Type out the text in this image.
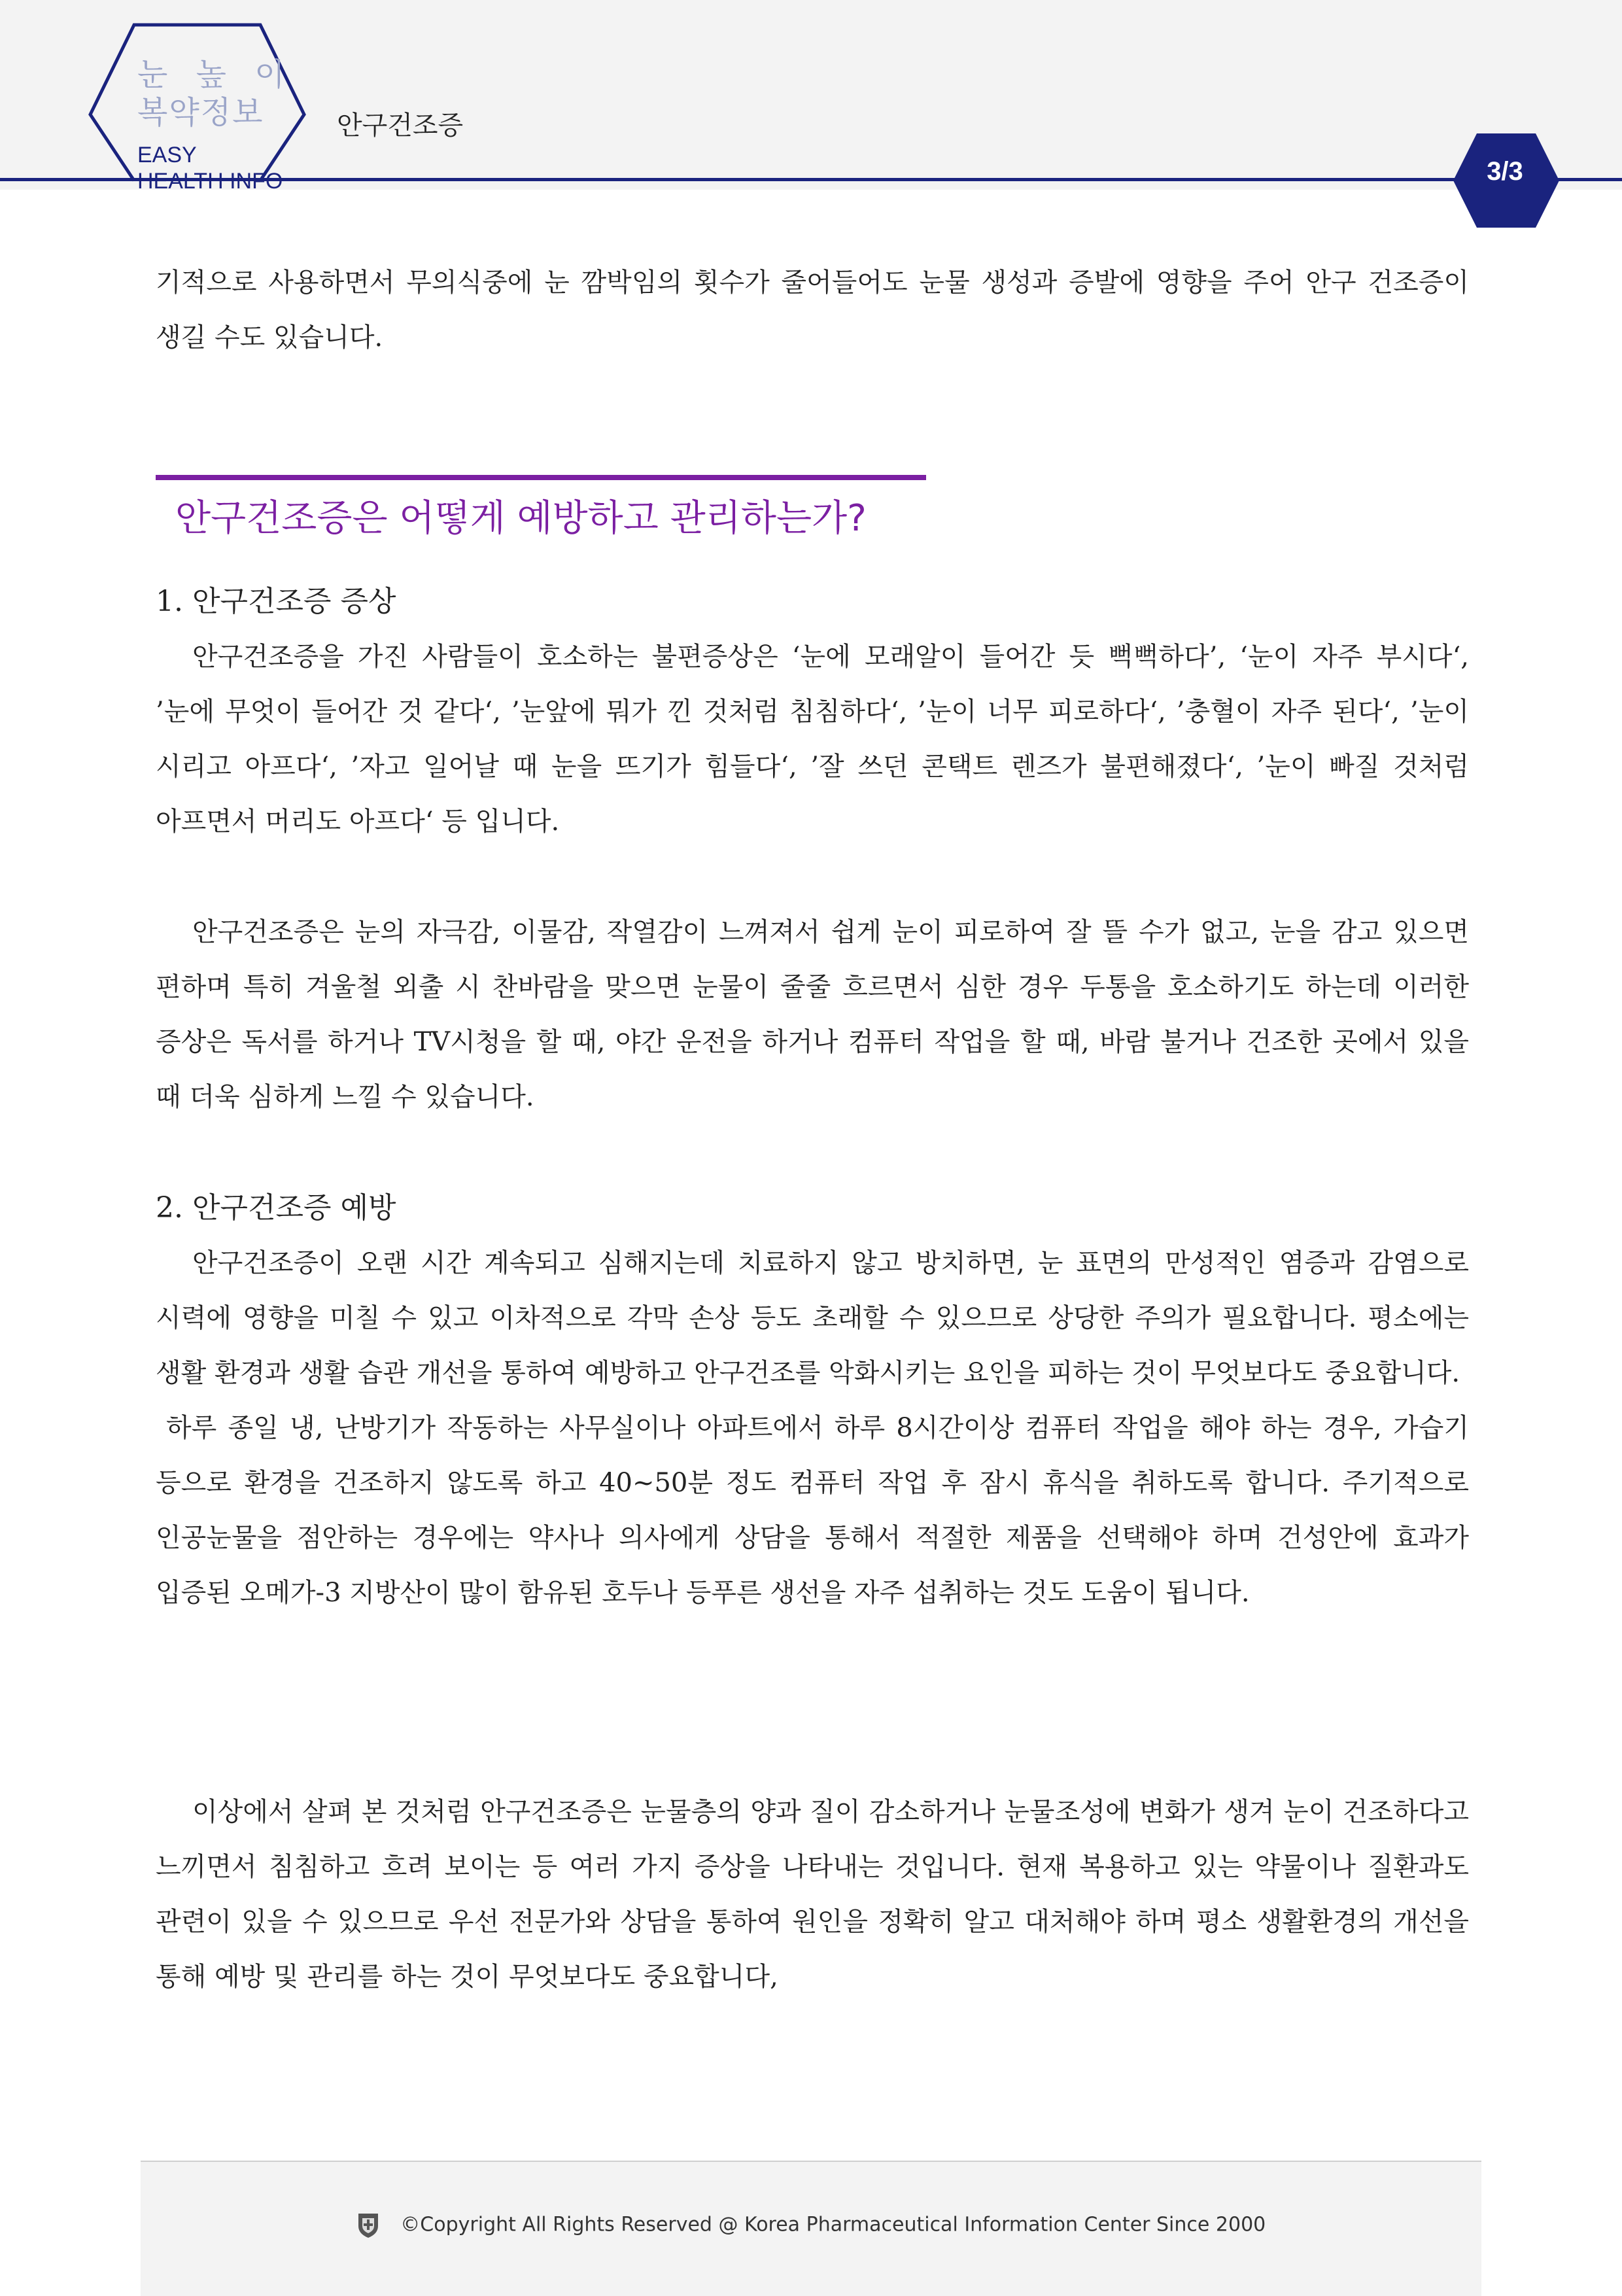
눈 높 이
복약정보
EASY
HEALTH INFO
안구건조증
3/3

기적으로 사용하면서 무의식중에 눈 깜박임의 횟수가 줄어들어도 눈물 생성과 증발에 영향을 주어 안구 건조증이 생길 수도 있습니다.

안구건조증은 어떻게 예방하고 관리하는가?

1. 안구건조증 증상

안구건조증을 가진 사람들이 호소하는 불편증상은 ‘눈에 모래알이 들어간 듯 뻑뻑하다’, ‘눈이 자주 부시다‘, ’눈에 무엇이 들어간 것 같다‘, ’눈앞에 뭐가 낀 것처럼 침침하다‘, ’눈이 너무 피로하다‘, ’충혈이 자주 된다‘, ’눈이 시리고 아프다‘, ’자고 일어날 때 눈을 뜨기가 힘들다‘, ’잘 쓰던 콘택트 렌즈가 불편해졌다‘, ’눈이 빠질 것처럼 아프면서 머리도 아프다‘ 등 입니다.

안구건조증은 눈의 자극감, 이물감, 작열감이 느껴져서 쉽게 눈이 피로하여 잘 뜰 수가 없고, 눈을 감고 있으면 편하며 특히 겨울철 외출 시 찬바람을 맞으면 눈물이 줄줄 흐르면서 심한 경우 두통을 호소하기도 하는데 이러한 증상은 독서를 하거나 TV시청을 할 때, 야간 운전을 하거나 컴퓨터 작업을 할 때, 바람 불거나 건조한 곳에서 있을 때 더욱 심하게 느낄 수 있습니다.

2. 안구건조증 예방

안구건조증이 오랜 시간 계속되고 심해지는데 치료하지 않고 방치하면, 눈 표면의 만성적인 염증과 감염으로 시력에 영향을 미칠 수 있고 이차적으로 각막 손상 등도 초래할 수 있으므로 상당한 주의가 필요합니다. 평소에는 생활 환경과 생활 습관 개선을 통하여 예방하고 안구건조를 악화시키는 요인을 피하는 것이 무엇보다도 중요합니다.

하루 종일 냉, 난방기가 작동하는 사무실이나 아파트에서 하루 8시간이상 컴퓨터 작업을 해야 하는 경우, 가습기 등으로 환경을 건조하지 않도록 하고 40~50분 정도 컴퓨터 작업 후 잠시 휴식을 취하도록 합니다. 주기적으로 인공눈물을 점안하는 경우에는 약사나 의사에게 상담을 통해서 적절한 제품을 선택해야 하며 건성안에 효과가 입증된 오메가-3 지방산이 많이 함유된 호두나 등푸른 생선을 자주 섭취하는 것도 도움이 됩니다.

이상에서 살펴 본 것처럼 안구건조증은 눈물층의 양과 질이 감소하거나 눈물조성에 변화가 생겨 눈이 건조하다고 느끼면서 침침하고 흐려 보이는 등 여러 가지 증상을 나타내는 것입니다. 현재 복용하고 있는 약물이나 질환과도 관련이 있을 수 있으므로 우선 전문가와 상담을 통하여 원인을 정확히 알고 대처해야 하며 평소 생활환경의 개선을 통해 예방 및 관리를 하는 것이 무엇보다도 중요합니다,

©Copyright All Rights Reserved @ Korea Pharmaceutical Information Center Since 2000
